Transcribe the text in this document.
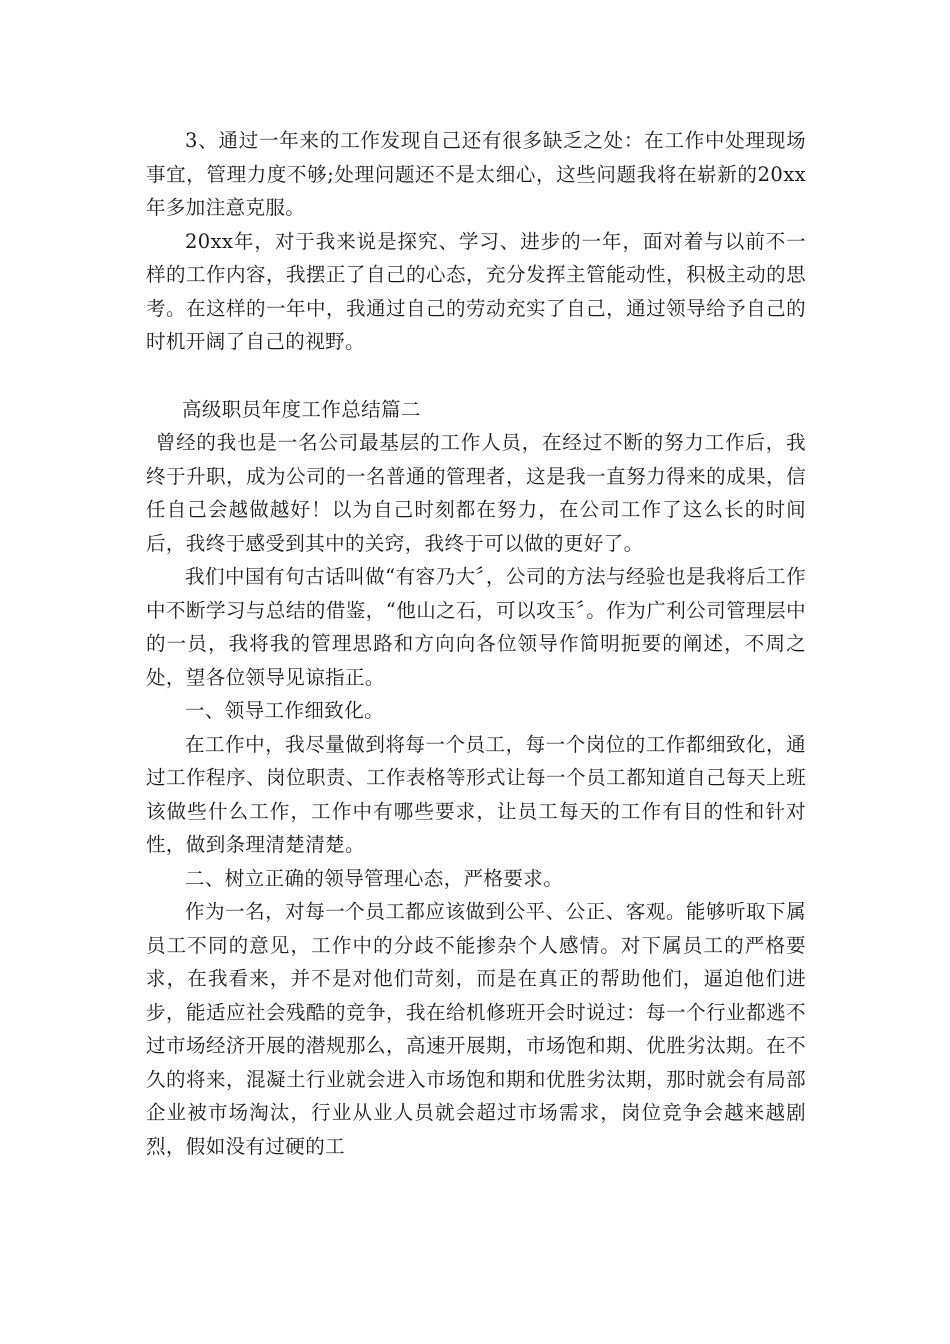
3、通过一年来的工作发现自己还有很多缺乏之处：在工作中处理现场事宜，管理力度不够;处理问题还不是太细心，这些问题我将在崭新的20xx年多加注意克服。

20xx年，对于我来说是探究、学习、进步的一年，面对着与以前不一样的工作内容，我摆正了自己的心态，充分发挥主管能动性，积极主动的思考。在这样的一年中，我通过自己的劳动充实了自己，通过领导给予自己的时机开阔了自己的视野。

高级职员年度工作总结篇二

曾经的我也是一名公司最基层的工作人员，在经过不断的努力工作后，我终于升职，成为公司的一名普通的管理者，这是我一直努力得来的成果，信任自己会越做越好！以为自己时刻都在努力，在公司工作了这么长的时间后，我终于感受到其中的关窍，我终于可以做的更好了。

我们中国有句古话叫做“有容乃大〞，公司的方法与经验也是我将后工作中不断学习与总结的借鉴，“他山之石，可以攻玉〞。作为广利公司管理层中的一员，我将我的管理思路和方向向各位领导作简明扼要的阐述，不周之处，望各位领导见谅指正。

一、领导工作细致化。

在工作中，我尽量做到将每一个员工，每一个岗位的工作都细致化，通过工作程序、岗位职责、工作表格等形式让每一个员工都知道自己每天上班该做些什么工作，工作中有哪些要求，让员工每天的工作有目的性和针对性，做到条理清楚清楚。

二、树立正确的领导管理心态，严格要求。

作为一名，对每一个员工都应该做到公平、公正、客观。能够听取下属员工不同的意见，工作中的分歧不能掺杂个人感情。对下属员工的严格要求，在我看来，并不是对他们苛刻，而是在真正的帮助他们，逼迫他们进步，能适应社会残酷的竞争，我在给机修班开会时说过：每一个行业都逃不过市场经济开展的潜规那么，高速开展期，市场饱和期、优胜劣汰期。在不久的将来，混凝土行业就会进入市场饱和期和优胜劣汰期，那时就会有局部企业被市场淘汰，行业从业人员就会超过市场需求，岗位竞争会越来越剧烈，假如没有过硬的工
